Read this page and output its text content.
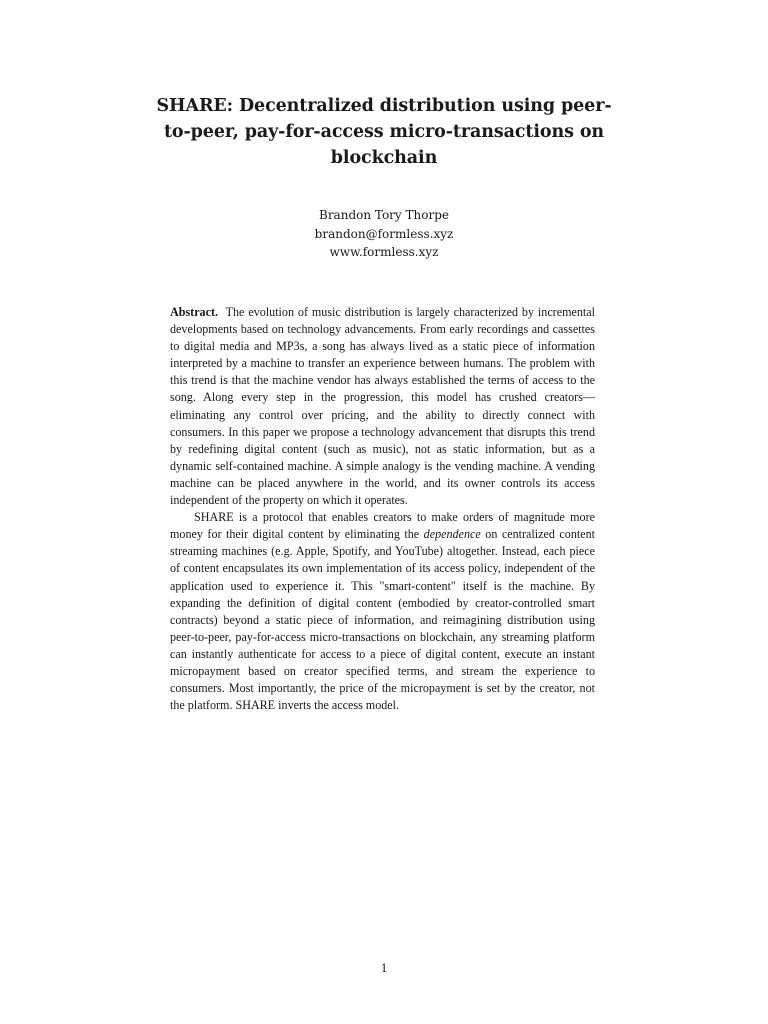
SHARE: Decentralized distribution using peer-to-peer, pay-for-access micro-transactions on blockchain
Brandon Tory Thorpe
brandon@formless.xyz
www.formless.xyz

Abstract. The evolution of music distribution is largely characterized by incremental developments based on technology advancements. From early recordings and cassettes to digital media and MP3s, a song has always lived as a static piece of information interpreted by a machine to transfer an experience between humans. The problem with this trend is that the machine vendor has always established the terms of access to the song. Along every step in the progression, this model has crushed creators—eliminating any control over pricing, and the ability to directly connect with consumers. In this paper we propose a technology advancement that disrupts this trend by redefining digital content (such as music), not as static information, but as a dynamic self-contained machine. A simple analogy is the vending machine. A vending machine can be placed anywhere in the world, and its owner controls its access independent of the property on which it operates.

SHARE is a protocol that enables creators to make orders of magnitude more money for their digital content by eliminating the dependence on centralized content streaming machines (e.g. Apple, Spotify, and YouTube) altogether. Instead, each piece of content encapsulates its own implementation of its access policy, independent of the application used to experience it. This "smart-content" itself is the machine. By expanding the definition of digital content (embodied by creator-controlled smart contracts) beyond a static piece of information, and reimagining distribution using peer-to-peer, pay-for-access micro-transactions on blockchain, any streaming platform can instantly authenticate for access to a piece of digital content, execute an instant micropayment based on creator specified terms, and stream the experience to consumers. Most importantly, the price of the micropayment is set by the creator, not the platform. SHARE inverts the access model.

1
